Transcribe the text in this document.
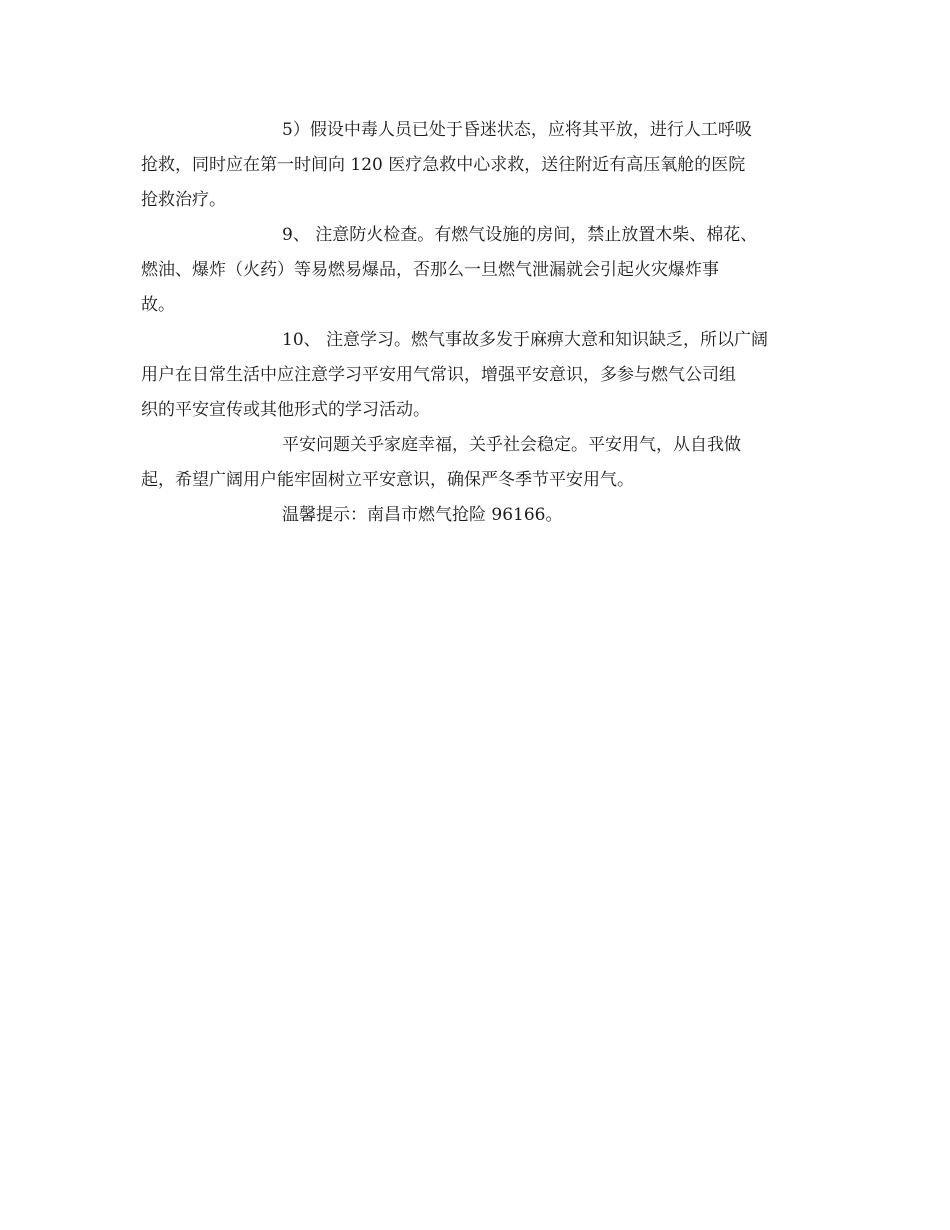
5）假设中毒人员已处于昏迷状态，应将其平放，进行人工呼吸
抢救，同时应在第一时间向 120 医疗急救中心求救，送往附近有高压氧舱的医院
抢救治疗。
9、 注意防火检查。有燃气设施的房间，禁止放置木柴、棉花、
燃油、爆炸（火药）等易燃易爆品，否那么一旦燃气泄漏就会引起火灾爆炸事
故。
10、 注意学习。燃气事故多发于麻痹大意和知识缺乏，所以广阔
用户在日常生活中应注意学习平安用气常识，增强平安意识，多参与燃气公司组
织的平安宣传或其他形式的学习活动。
平安问题关乎家庭幸福，关乎社会稳定。平安用气，从自我做
起，希望广阔用户能牢固树立平安意识，确保严冬季节平安用气。
温馨提示：南昌市燃气抢险 96166。
